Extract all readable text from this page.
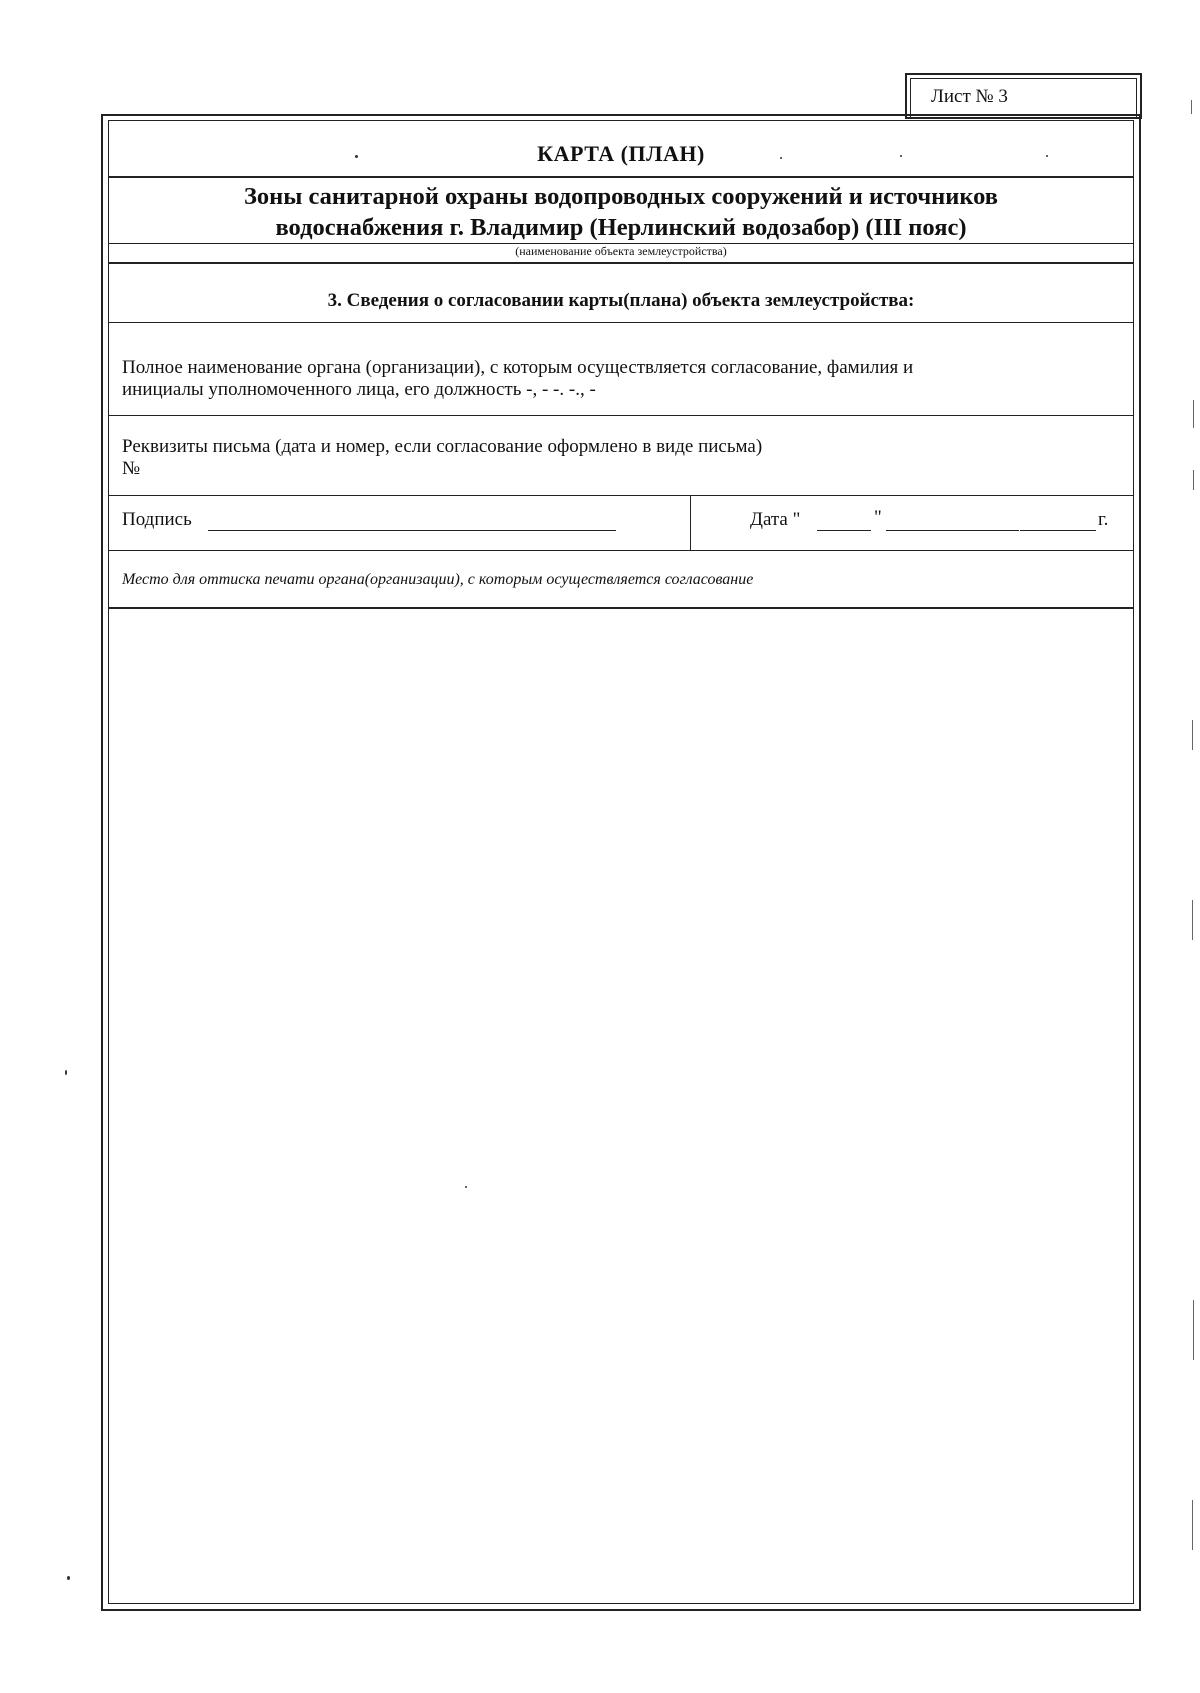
Лист № 3
КАРТА (ПЛАН)
Зоны санитарной охраны водопроводных сооружений и источников
водоснабжения г. Владимир (Нерлинский водозабор) (III пояс)
(наименование объекта землеустройства)
3. Сведения о согласовании карты(плана) объекта землеустройства:
Полное наименование органа (организации), с которым осуществляется согласование, фамилия и
инициалы уполномоченного лица, его должность -, - -. -., -
Реквизиты письма (дата и номер, если согласование оформлено в виде письма)
№
Подпись	Дата "	"	г.
Место для оттиска печати органа(организации), с которым осуществляется согласование
